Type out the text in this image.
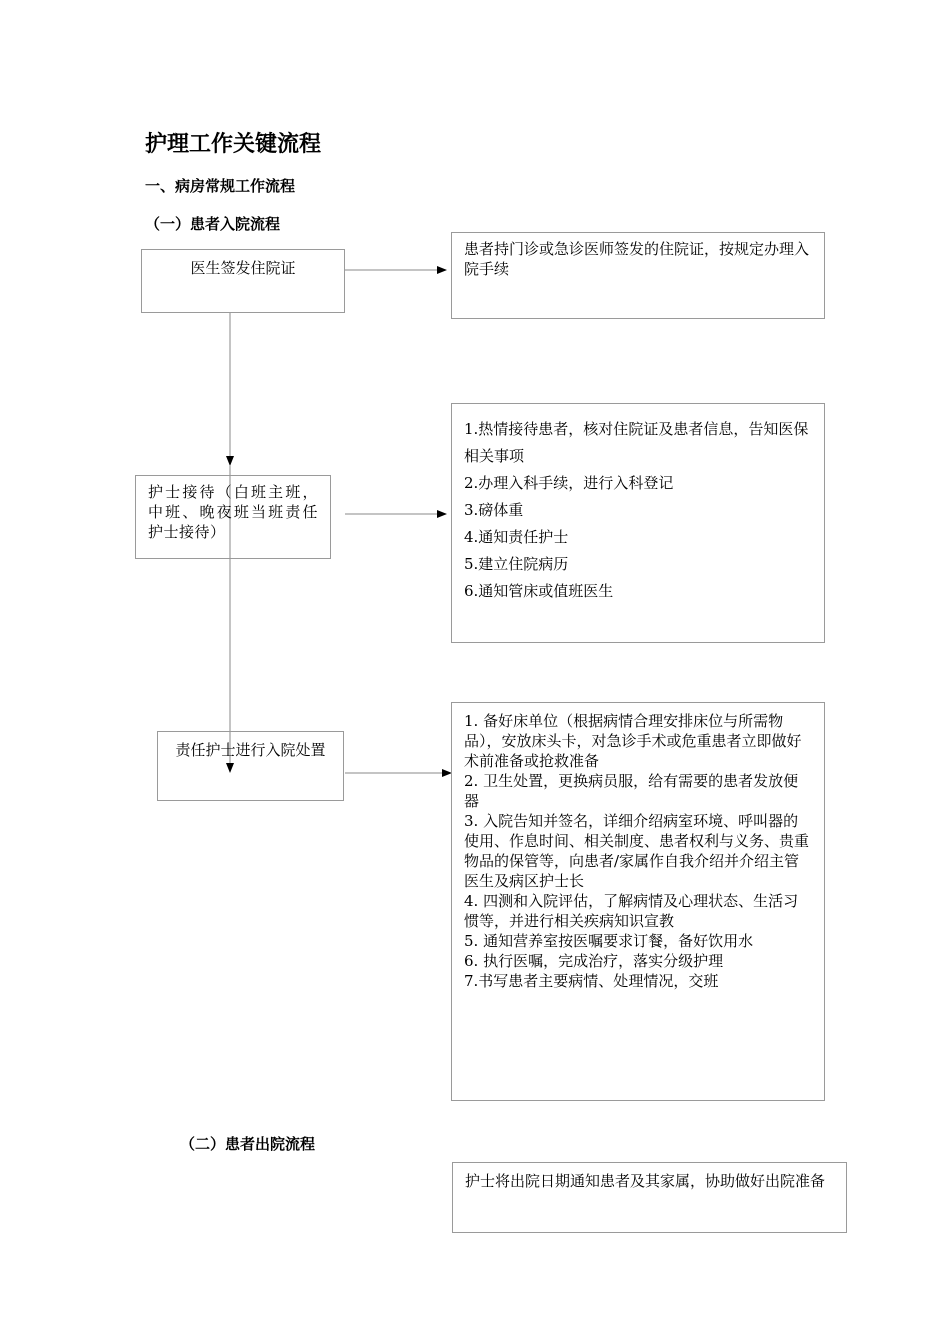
护理工作关键流程
一、病房常规工作流程
（一）患者入院流程
（二）患者出院流程
医生签发住院证
患者持门诊或急诊医师签发的住院证，按规定办理入院手续
护士接待（白班主班，中班、晚夜班当班责任护士接待）
1.热情接待患者，核对住院证及患者信息，告知医保相关事项
2.办理入科手续，进行入科登记
3.磅体重
4.通知责任护士
5.建立住院病历
6.通知管床或值班医生
责任护士进行入院处置
1. 备好床单位（根据病情合理安排床位与所需物品），安放床头卡，对急诊手术或危重患者立即做好术前准备或抢救准备
2. 卫生处置，更换病员服，给有需要的患者发放便器
3. 入院告知并签名，详细介绍病室环境、呼叫器的使用、作息时间、相关制度、患者权利与义务、贵重物品的保管等，向患者/家属作自我介绍并介绍主管医生及病区护士长
4. 四测和入院评估，了解病情及心理状态、生活习惯等，并进行相关疾病知识宣教
5. 通知营养室按医嘱要求订餐，备好饮用水
6. 执行医嘱，完成治疗，落实分级护理
7.书写患者主要病情、处理情况，交班
护士将出院日期通知患者及其家属，协助做好出院准备
